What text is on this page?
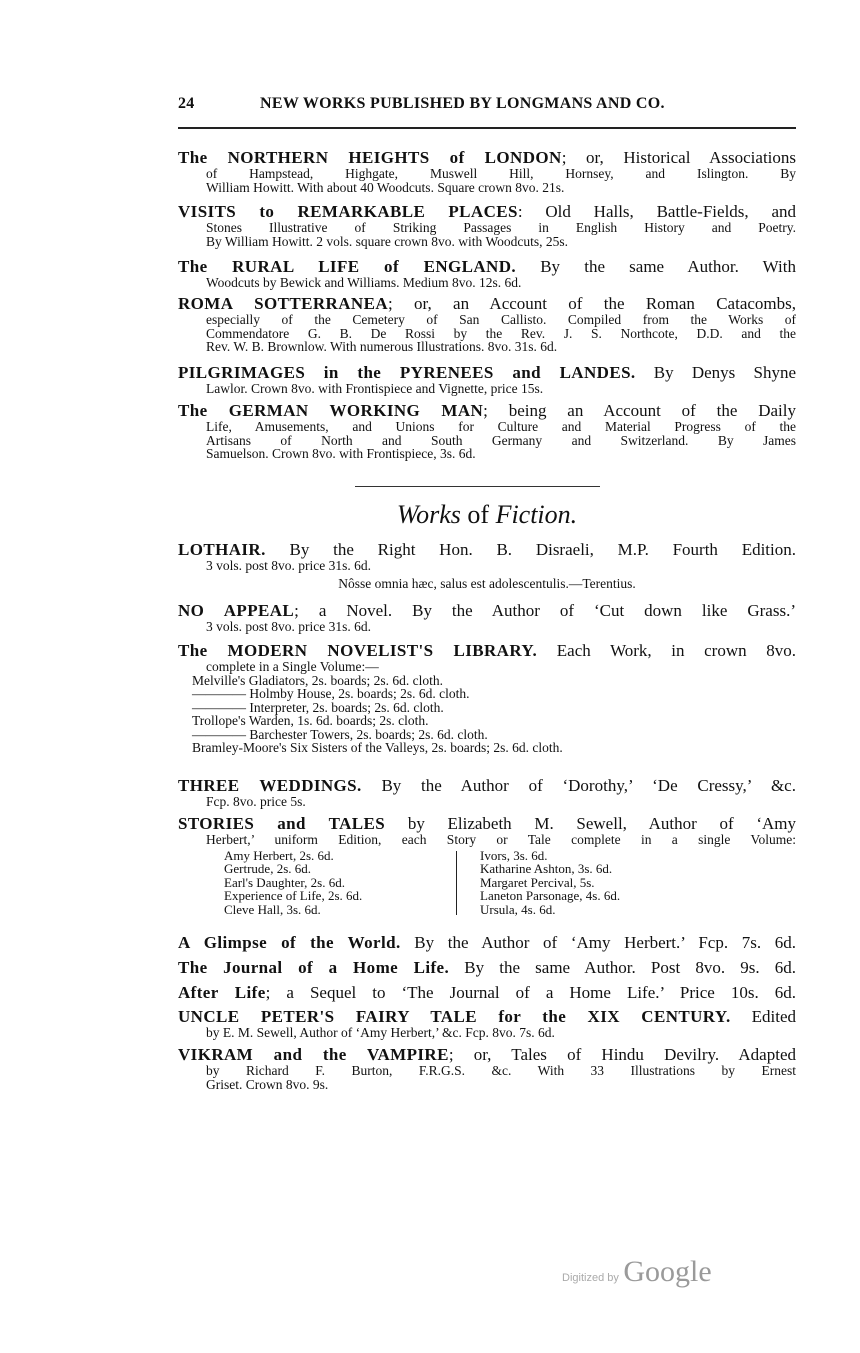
24	NEW WORKS PUBLISHED BY LONGMANS AND CO.
The NORTHERN HEIGHTS of LONDON; or, Historical Associations
of Hampstead, Highgate, Muswell Hill, Hornsey, and Islington. By
William Howitt. With about 40 Woodcuts. Square crown 8vo. 21s.
VISITS to REMARKABLE PLACES: Old Halls, Battle-Fields, and
Stones Illustrative of Striking Passages in English History and Poetry.
By William Howitt. 2 vols. square crown 8vo. with Woodcuts, 25s.
The RURAL LIFE of ENGLAND. By the same Author. With
Woodcuts by Bewick and Williams. Medium 8vo. 12s. 6d.
ROMA SOTTERRANEA; or, an Account of the Roman Catacombs,
especially of the Cemetery of San Callisto. Compiled from the Works of
Commendatore G. B. De Rossi by the Rev. J. S. Northcote, D.D. and the
Rev. W. B. Brownlow. With numerous Illustrations. 8vo. 31s. 6d.
PILGRIMAGES in the PYRENEES and LANDES. By Denys Shyne
Lawlor. Crown 8vo. with Frontispiece and Vignette, price 15s.
The GERMAN WORKING MAN; being an Account of the Daily
Life, Amusements, and Unions for Culture and Material Progress of the
Artisans of North and South Germany and Switzerland. By James
Samuelson. Crown 8vo. with Frontispiece, 3s. 6d.
Works of Fiction.
LOTHAIR. By the Right Hon. B. Disraeli, M.P. Fourth Edition.
3 vols. post 8vo. price 31s. 6d.
Nôsse omnia hæc, salus est adolescentulis.—Terentius.
NO APPEAL; a Novel. By the Author of ‘Cut down like Grass.’
3 vols. post 8vo. price 31s. 6d.
The MODERN NOVELIST'S LIBRARY. Each Work, in crown 8vo.
complete in a Single Volume:—
Melville's Gladiators, 2s. boards; 2s. 6d. cloth.
———— Holmby House, 2s. boards; 2s. 6d. cloth.
———— Interpreter, 2s. boards; 2s. 6d. cloth.
Trollope's Warden, 1s. 6d. boards; 2s. cloth.
———— Barchester Towers, 2s. boards; 2s. 6d. cloth.
Bramley-Moore's Six Sisters of the Valleys, 2s. boards; 2s. 6d. cloth.
THREE WEDDINGS. By the Author of ‘Dorothy,’ ‘De Cressy,’ &c.
Fcp. 8vo. price 5s.
STORIES and TALES by Elizabeth M. Sewell, Author of ‘Amy
Herbert,’ uniform Edition, each Story or Tale complete in a single Volume:
Amy Herbert, 2s. 6d.
Gertrude, 2s. 6d.
Earl's Daughter, 2s. 6d.
Experience of Life, 2s. 6d.
Cleve Hall, 3s. 6d.
Ivors, 3s. 6d.
Katharine Ashton, 3s. 6d.
Margaret Percival, 5s.
Laneton Parsonage, 4s. 6d.
Ursula, 4s. 6d.
A Glimpse of the World. By the Author of ‘Amy Herbert.’ Fcp. 7s. 6d.
The Journal of a Home Life. By the same Author. Post 8vo. 9s. 6d.
After Life; a Sequel to ‘The Journal of a Home Life.’ Price 10s. 6d.
UNCLE PETER'S FAIRY TALE for the XIX CENTURY. Edited
by E. M. Sewell, Author of ‘Amy Herbert,’ &c. Fcp. 8vo. 7s. 6d.
VIKRAM and the VAMPIRE; or, Tales of Hindu Devilry. Adapted
by Richard F. Burton, F.R.G.S. &c. With 33 Illustrations by Ernest
Griset. Crown 8vo. 9s.
Digitized by Google
